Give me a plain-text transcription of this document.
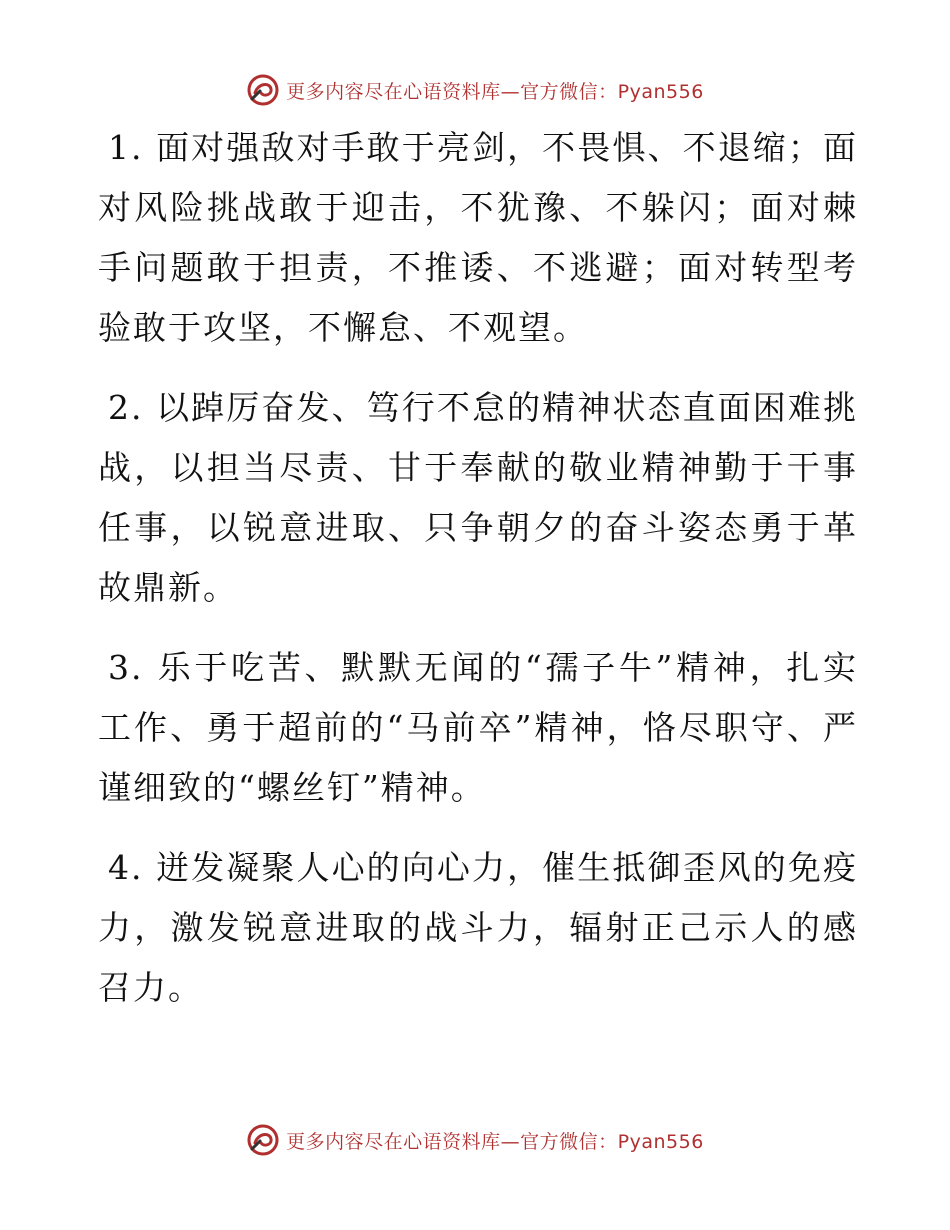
更多内容尽在心语资料库—官方微信：Pyan556

1. 面对强敌对手敢于亮剑，不畏惧、不退缩；面对风险挑战敢于迎击，不犹豫、不躲闪；面对棘手问题敢于担责，不推诿、不逃避；面对转型考验敢于攻坚，不懈怠、不观望。

2. 以踔厉奋发、笃行不怠的精神状态直面困难挑战，以担当尽责、甘于奉献的敬业精神勤于干事任事，以锐意进取、只争朝夕的奋斗姿态勇于革故鼎新。

3. 乐于吃苦、默默无闻的“孺子牛”精神，扎实工作、勇于超前的“马前卒”精神，恪尽职守、严谨细致的“螺丝钉”精神。

4. 迸发凝聚人心的向心力，催生抵御歪风的免疫力，激发锐意进取的战斗力，辐射正己示人的感召力。

更多内容尽在心语资料库—官方微信：Pyan556
